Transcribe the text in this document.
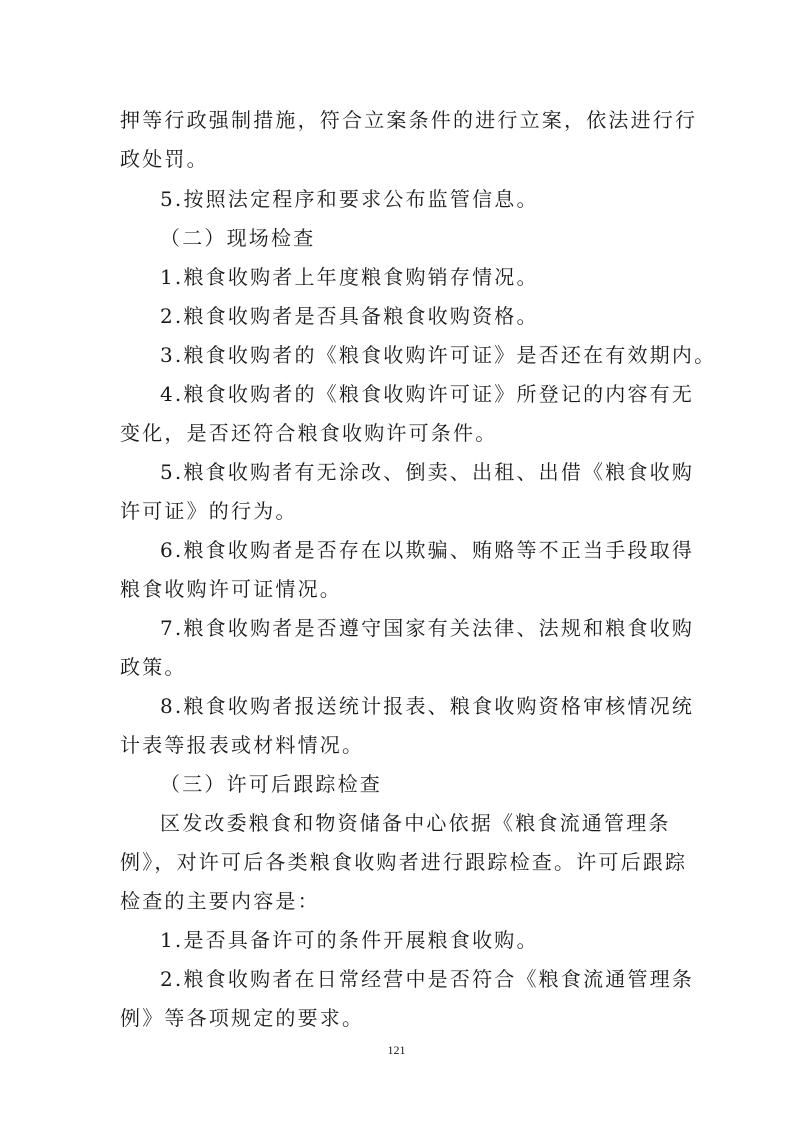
押等行政强制措施，符合立案条件的进行立案，依法进行行
政处罚。
5.按照法定程序和要求公布监管信息。
（二）现场检查
1.粮食收购者上年度粮食购销存情况。
2.粮食收购者是否具备粮食收购资格。
3.粮食收购者的《粮食收购许可证》是否还在有效期内。
4.粮食收购者的《粮食收购许可证》所登记的内容有无
变化，是否还符合粮食收购许可条件。
5.粮食收购者有无涂改、倒卖、出租、出借《粮食收购
许可证》的行为。
6.粮食收购者是否存在以欺骗、贿赂等不正当手段取得
粮食收购许可证情况。
7.粮食收购者是否遵守国家有关法律、法规和粮食收购
政策。
8.粮食收购者报送统计报表、粮食收购资格审核情况统
计表等报表或材料情况。
（三）许可后跟踪检查
区发改委粮食和物资储备中心依据《粮食流通管理条
例》，对许可后各类粮食收购者进行跟踪检查。许可后跟踪
检查的主要内容是：
1.是否具备许可的条件开展粮食收购。
2.粮食收购者在日常经营中是否符合《粮食流通管理条
例》等各项规定的要求。
121
